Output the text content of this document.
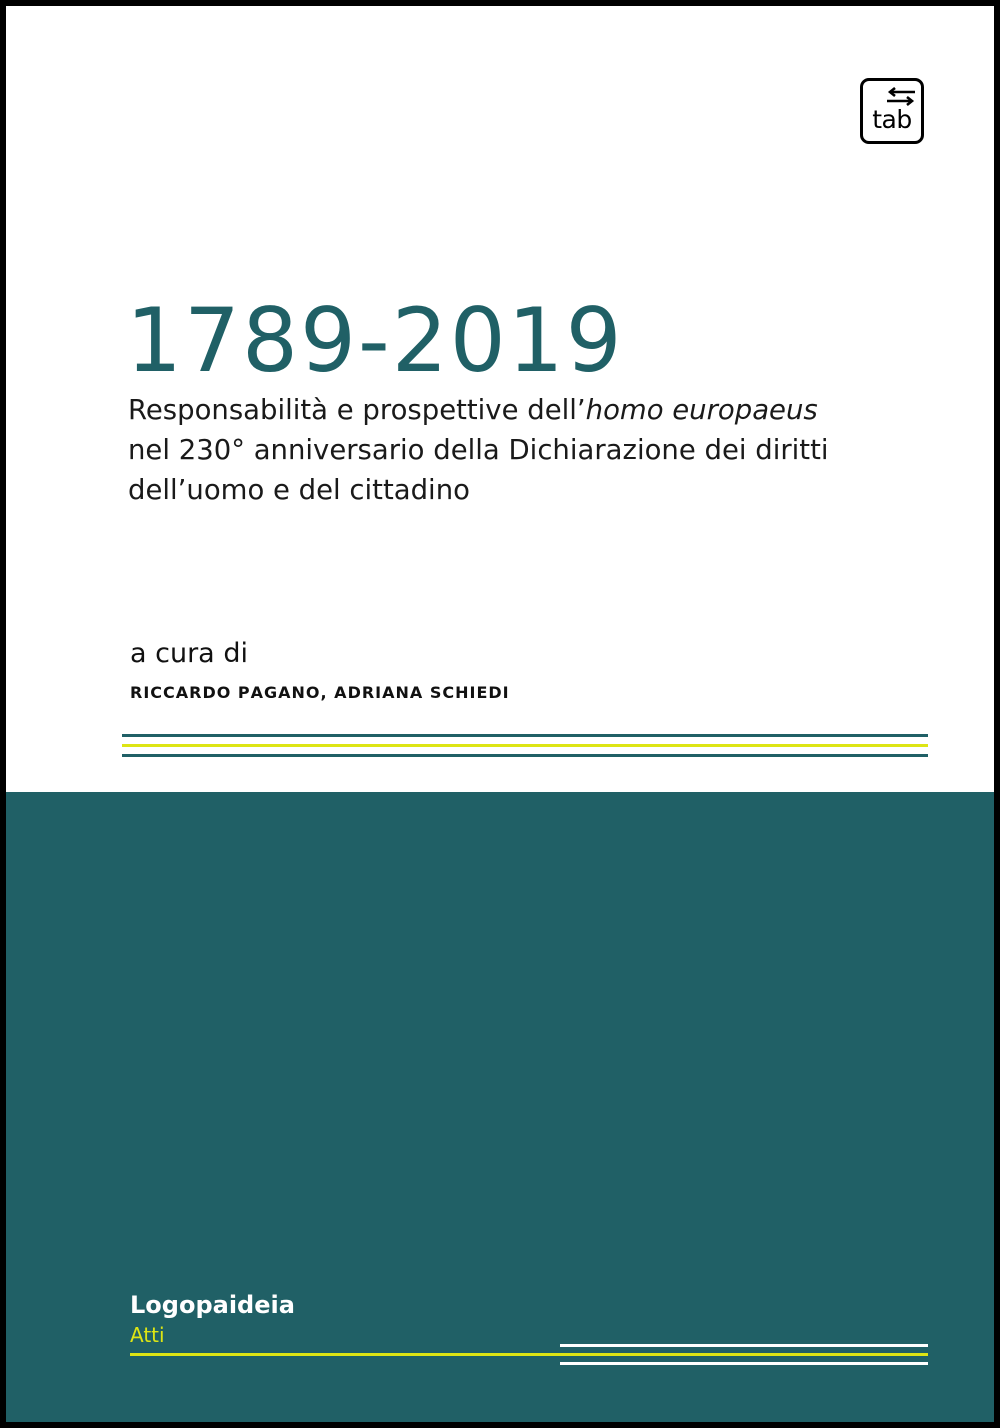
tab
1789-2019
Responsabilità e prospettive dell’homo europaeus
nel 230° anniversario della Dichiarazione dei diritti
dell’uomo e del cittadino
a cura di
Riccardo Pagano, Adriana Schiedi
Logopaideia
Atti
